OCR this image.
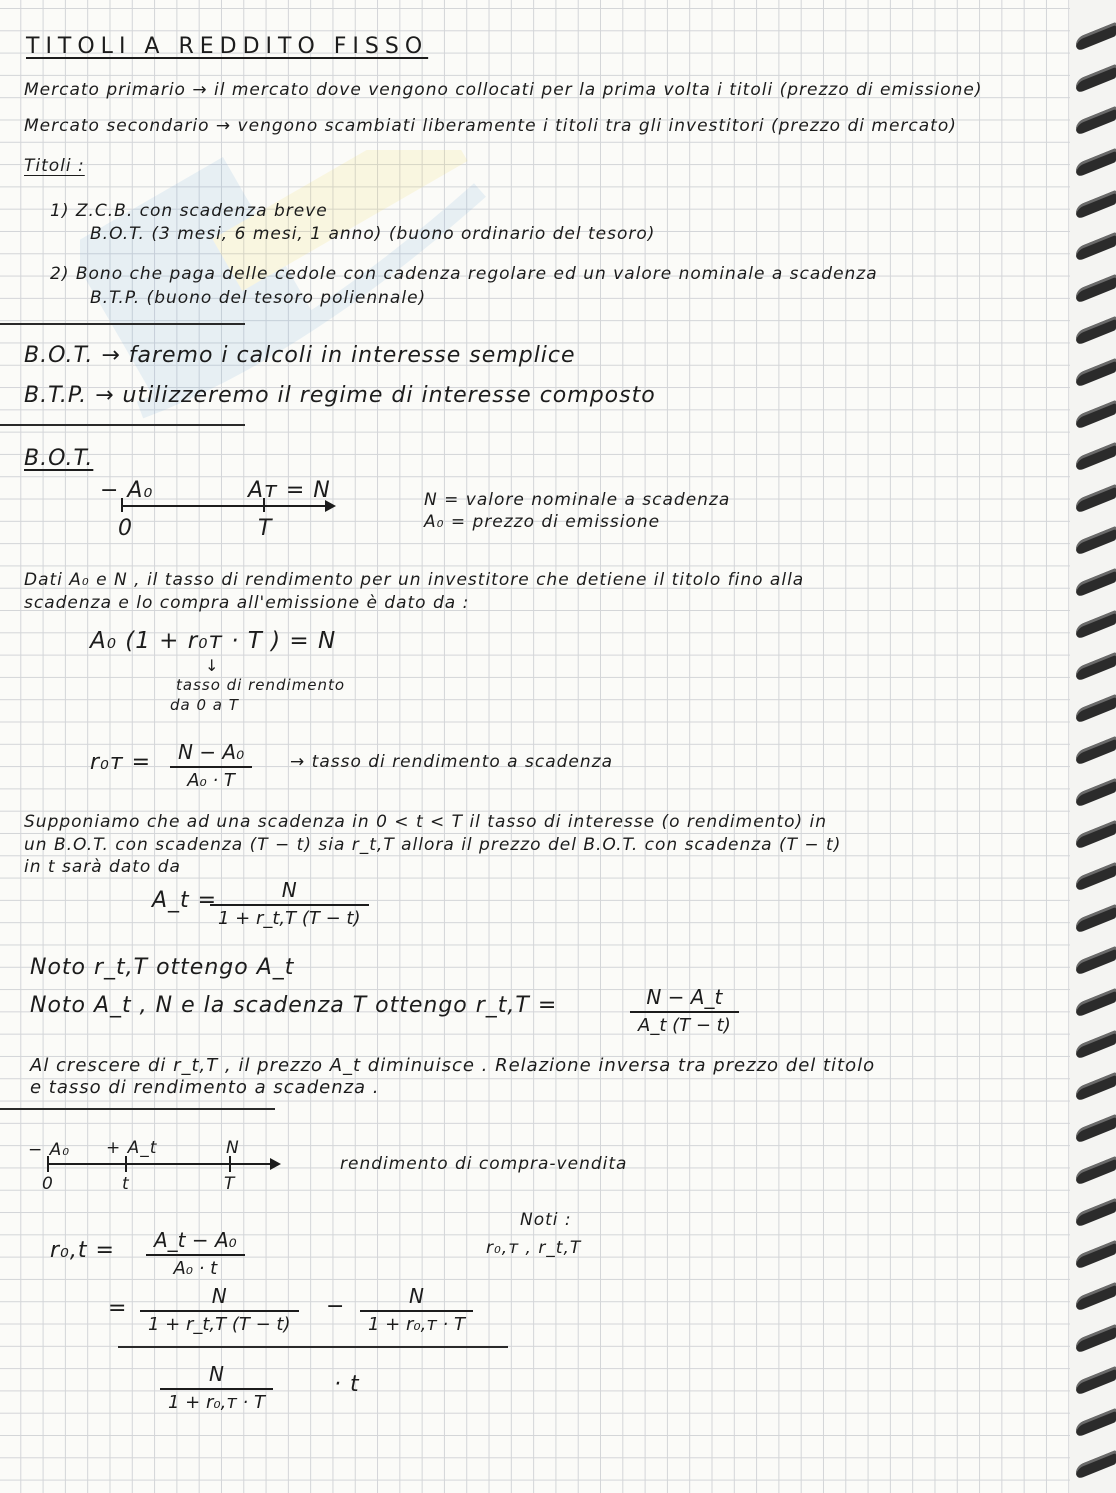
TITOLI A REDDITO FISSO
Mercato primario → il mercato dove vengono collocati per la prima volta i titoli (prezzo di emissione)
Mercato secondario → vengono scambiati liberamente i titoli tra gli investitori (prezzo di mercato)
Titoli :
1) Z.C.B. con scadenza breve
B.O.T. (3 mesi, 6 mesi, 1 anno) (buono ordinario del tesoro)
2) Bono che paga delle cedole con cadenza regolare ed un valore nominale a scadenza
B.T.P. (buono del tesoro poliennale)
B.O.T. → faremo i calcoli in interesse semplice
B.T.P. → utilizzeremo il regime di interesse composto
B.O.T.
− A₀	Aᴛ = N
0	T
N = valore nominale a scadenza
A₀ = prezzo di emissione
Dati A₀ e N , il tasso di rendimento per un investitore che detiene il titolo fino alla
scadenza e lo compra all'emissione è dato da :
A₀ (1 + r₀ᴛ · T ) = N
↓
tasso di rendimento
da 0 a T
r₀ᴛ = $\frac{\text{N − A₀}}{\text{A₀ · T}}$ → tasso di rendimento a scadenza
Supponiamo che ad una scadenza in 0 < t < T il tasso di interesse (o rendimento) in
un B.O.T. con scadenza (T − t) sia r_t,T allora il prezzo del B.O.T. con scadenza (T − t)
in t sarà dato da
A_t =
$\frac{N}{1 + r\_t,T (T - t)}$
Noto r_t,T ottengo A_t
Noto A_t , N e la scadenza T ottengo r_t,T =	$\frac{N - A\_t}{A\_t (T - t)}$
Al crescere di r_t,T , il prezzo A_t diminuisce . Relazione inversa tra prezzo del titolo
e tasso di rendimento a scadenza .
− A₀ + A_t	N
0	t	T
rendimento di compra-vendita
Noti :
r₀,ᴛ , r_t,T
$r_0,t = \frac{\text{A\_t − A₀}}{\text{A₀ · t}}$
= $\frac{N}{1 + r\_t,T (T - t)} - \frac{N}{\text{1 + r₀,ᴛ · T}}$
$\frac{N}{\text{1 + r₀,ᴛ · T}}$	· t
